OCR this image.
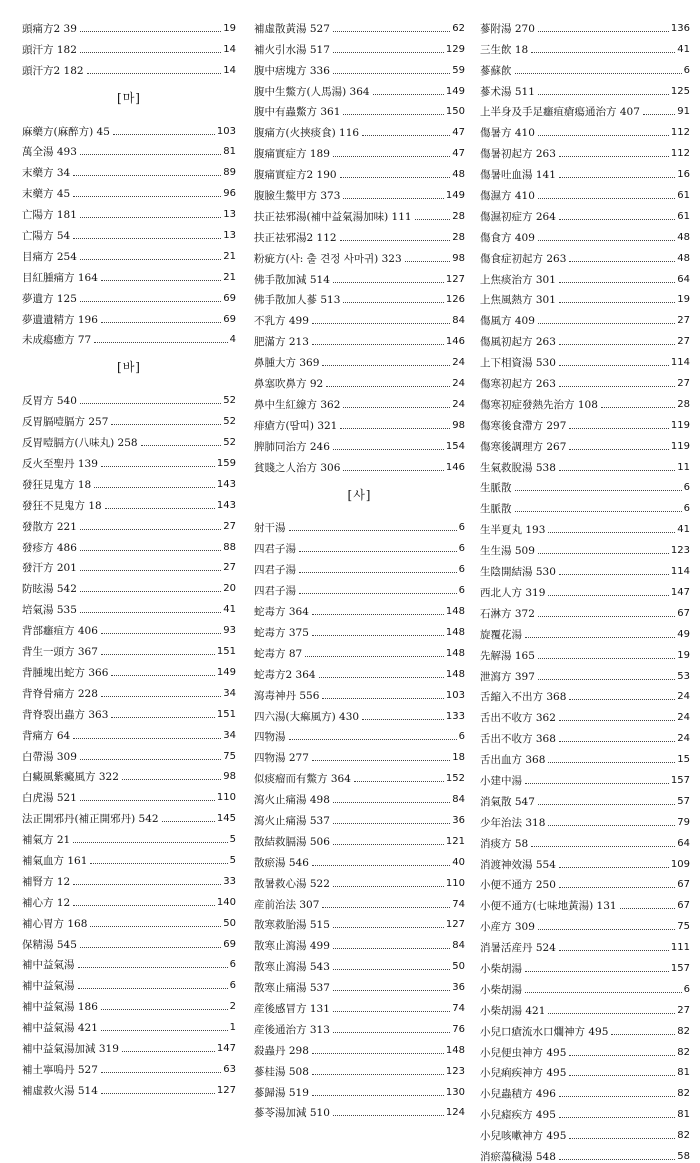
頭痛方2 39	19
頭汗方 182	14
頭汗方2 182	14
[마]
麻藥方(麻醉方) 45	103
萬全湯 493	81
末藥方 34	89
末藥方 45	96
亡陽方 181	13
亡陽方 54	13
目痛方 254	21
目紅腫痛方 164	21
夢遺方 125	69
夢遺遺精方 196	69
未成瘍癒方 77	4
[바]
反胃方 540	52
反胃膈噎膈方 257	52
反胃噎膈方(八味丸) 258	52
反火至聖丹 139	159
發狂見鬼方 18	143
發狂不見鬼方 18	143
發散方 221	27
發疹方 486	88
發汗方 201	27
防眩湯 542	20
培氣湯 535	41
背部癰疽方 406	93
背生一頭方 367	151
背腫塊出蛇方 366	149
背脊骨痛方 228	34
背脊裂出蟲方 363	151
背痛方 64	34
白帶湯 309	75
白癜風紫癜風方 322	98
白虎湯 521	110
法正開邪丹(補正開邪丹) 542	145
補氣方 21	5
補氣血方 161	5
補腎方 12	33
補心方 12	140
補心胃方 168	50
保精湯 545	69
補中益氣湯	6
補中益氣湯	6
補中益氣湯 186	2
補中益氣湯 421	1
補中益氣湯加減 319	147
補土寧嗚丹 527	63
補虛救火湯 514	127
補虛散黃湯 527	62
補火引水湯 517	129
腹中痞塊方 336	59
腹中生鱉方(人馬湯) 364	149
腹中有蟲鱉方 361	150
腹痛方(火挾痰食) 116	47
腹痛實症方 189	47
腹痛實症方2 190	48
腹臉生鱉甲方 373	149
扶正祛邪湯(補中益氣湯加味) 111	28
扶正祛邪湯2 112	28
粉疵方(사: 출 견정 사마귀) 323	98
佛手散加減 514	127
佛手散加人蔘 513	126
不乳方 499	84
肥滿方 213	146
鼻腫大方 369	24
鼻塞吹鼻方 92	24
鼻中生紅線方 362	24
痱瘡方(땀띠) 321	98
脾肺同治方 246	154
貧賤之人治方 306	146
[사]
射干湯	6
四君子湯	6
四君子湯	6
四君子湯	6
蛇毒方 364	148
蛇毒方 375	148
蛇毒方 87	148
蛇毒方2 364	148
瀉毒神丹 556	103
四六湯(大痲風方) 430	133
四物湯	6
四物湯 277	18
似痰瘤而有鱉方 364	152
瀉火止痛湯 498	84
瀉火止痛湯 537	36
散結救膈湯 506	121
散瘀湯 546	40
散暑救心湯 522	110
産前治法 307	74
散寒救胎湯 515	127
散寒止瀉湯 499	84
散寒止瀉湯 543	50
散寒止痛湯 537	36
産後感冒方 131	74
産後通治方 313	76
殺蟲丹 298	148
蔘桂湯 508	123
蔘歸湯 519	130
蔘苓湯加減 510	124
蔘附湯 270	136
三生飲 18	41
蔘蘇飮	6
蔘术湯 511	125
上半身及手足癰疽瘡瘍通治方 407	91
傷暑方 410	112
傷暑初起方 263	112
傷暑吐血湯 141	16
傷濕方 410	61
傷濕初症方 264	61
傷食方 409	48
傷食症初起方 263	48
上焦痰治方 301	64
上焦風熱方 301	19
傷風方 409	27
傷風初起方 263	27
上下相資湯 530	114
傷寒初起方 263	27
傷寒初症發熱先治方 108	28
傷寒後食滯方 297	119
傷寒後調理方 267	119
生氣救脫湯 538	11
生脈散	6
生脈散	6
生半夏丸 193	41
生生湯 509	123
生陰開結湯 530	114
西北人方 319	147
石淋方 372	67
旋覆花湯	49
先解湯 165	19
泄瀉方 397	53
舌縮入不出方 368	24
舌出不收方 362	24
舌出不收方 368	24
舌出血方 368	15
小建中湯	157
消氣散 547	57
少年治法 318	79
消痰方 58	64
消渡神效湯 554	109
小便不通方 250	67
小便不通方(七味地黃湯) 131	67
小産方 309	75
消暑活産丹 524	111
小柴胡湯	157
小柴胡湯	6
小柴胡湯 421	27
小兒口瘡流水口爛神方 495	82
小兒便虫神方 495	82
小兒痢疾神方 495	81
小兒蟲積方 496	82
小兒瘧疾方 495	81
小兒咳嗽神方 495	82
消瘀蕩穢湯 548	58
